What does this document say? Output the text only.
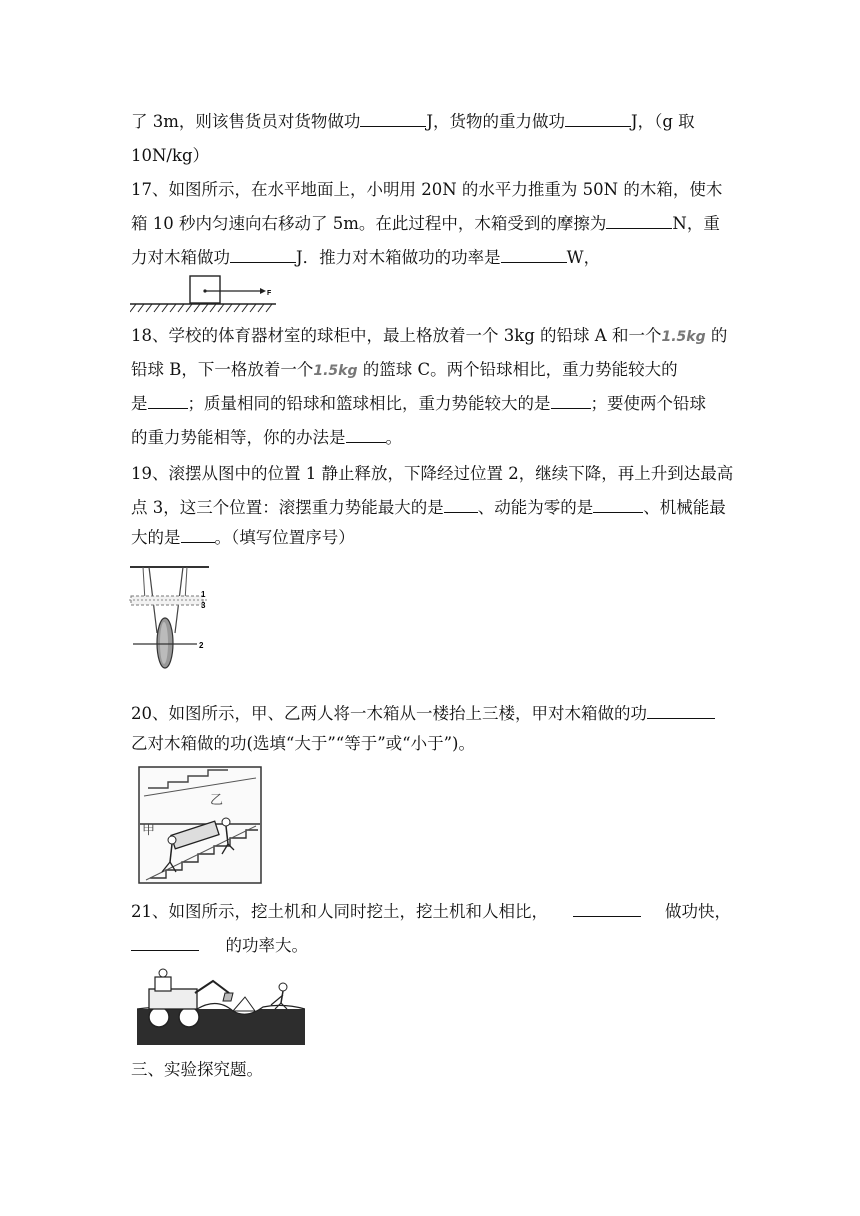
了 3m，则该售货员对货物做功	J，货物的重力做功	J，（g 取
10N/kg）
17、如图所示，在水平地面上，小明用 20N 的水平力推重为 50N 的木箱，使木
箱 10 秒内匀速向右移动了 5m。在此过程中，木箱受到的摩擦为	N，重
力对木箱做功	J．推力对木箱做功的功率是	W，
F
18、学校的体育器材室的球柜中，最上格放着一个 3kg 的铅球 A 和一个1.5kg 的
铅球 B，下一格放着一个1.5kg 的篮球 C。两个铅球相比，重力势能较大的
是 ；质量相同的铅球和篮球相比，重力势能较大的是 ；要使两个铅球
的重力势能相等，你的办法是 。
19、滚摆从图中的位置 1 静止释放，下降经过位置 2，继续下降，再上升到达最高
点 3，这三个位置：滚摆重力势能最大的是 、动能为零的是	、机械能最
大的是 。（填写位置序号）
1
3
2
20、如图所示，甲、乙两人将一木箱从一楼抬上三楼，甲对木箱做的功
乙对木箱做的功(选填“大于”“等于”或“小于”)。
乙
甲
21、如图所示，挖土机和人同时挖土，挖土机和人相比，	做功快，
的功率大。
三、实验探究题。
